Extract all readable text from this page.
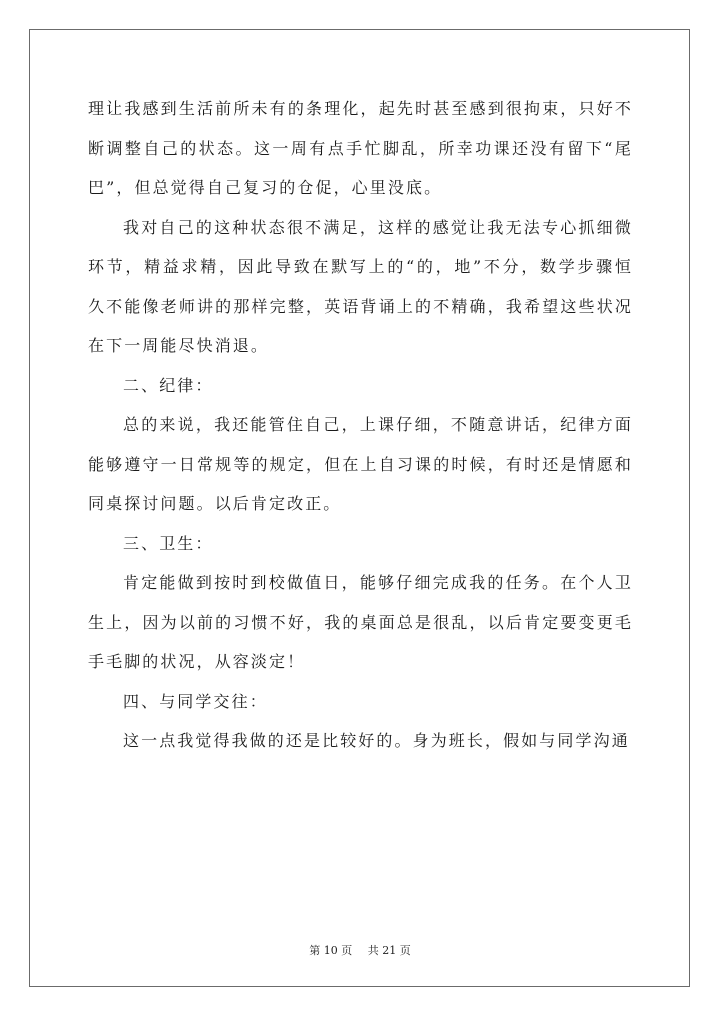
理让我感到生活前所未有的条理化，起先时甚至感到很拘束，只好不断调整自己的状态。这一周有点手忙脚乱，所幸功课还没有留下“尾巴”，但总觉得自己复习的仓促，心里没底。

我对自己的这种状态很不满足，这样的感觉让我无法专心抓细微环节，精益求精，因此导致在默写上的“的，地”不分，数学步骤恒久不能像老师讲的那样完整，英语背诵上的不精确，我希望这些状况在下一周能尽快消退。

二、纪律：

总的来说，我还能管住自己，上课仔细，不随意讲话，纪律方面能够遵守一日常规等的规定，但在上自习课的时候，有时还是情愿和同桌探讨问题。以后肯定改正。

三、卫生：

肯定能做到按时到校做值日，能够仔细完成我的任务。在个人卫生上，因为以前的习惯不好，我的桌面总是很乱，以后肯定要变更毛手毛脚的状况，从容淡定！

四、与同学交往：

这一点我觉得我做的还是比较好的。身为班长，假如与同学沟通

第 10 页 共 21 页
